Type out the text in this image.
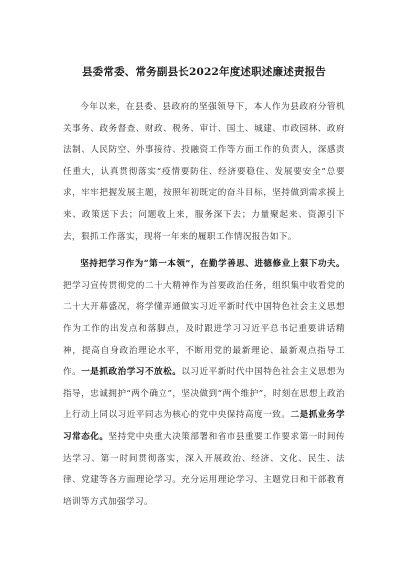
县委常委、常务副县长2022年度述职述廉述责报告

今年以来，在县委、县政府的坚强领导下，本人作为县政府分管机关事务、政务督查、财政、税务、审计、国土、城建、市政园林、政府法制、人民防空、外事接待、投融资工作等方面工作的负责人，深感责任重大，认真贯彻落实“疫情要防住、经济要稳住、发展要安全”总要求，牢牢把握发展主题，按照年初既定的奋斗目标，坚持做到需求摸上来、政策送下去；问题收上来，服务深下去；力量聚起来、资源引下去，狠抓工作落实，现将一年来的履职工作情况报告如下。

坚持把学习作为“第一本领”，在勤学善思、进德修业上狠下功夫。把学习宣传贯彻党的二十大精神作为首要政治任务，组织集中收看党的二十大开幕盛况，将学懂弄通做实习近平新时代中国特色社会主义思想作为工作的出发点和落脚点，及时跟进学习习近平总书记重要讲话精神，提高自身政治理论水平，不断用党的最新理论、最新观点指导工作。一是抓政治学习不放松。以习近平新时代中国特色社会主义思想为指导，忠诚拥护“两个确立”，坚决做到“两个维护”，时刻在思想上政治上行动上同以习近平同志为核心的党中央保持高度一致。二是抓业务学习常态化。坚持党中央重大决策部署和省市县重要工作要求第一时间传达学习、第一时间贯彻落实，深入开展政治、经济、文化、民生、法律、党建等各方面理论学习。充分运用理论学习、主题党日和干部教育培训等方式加强学习。
